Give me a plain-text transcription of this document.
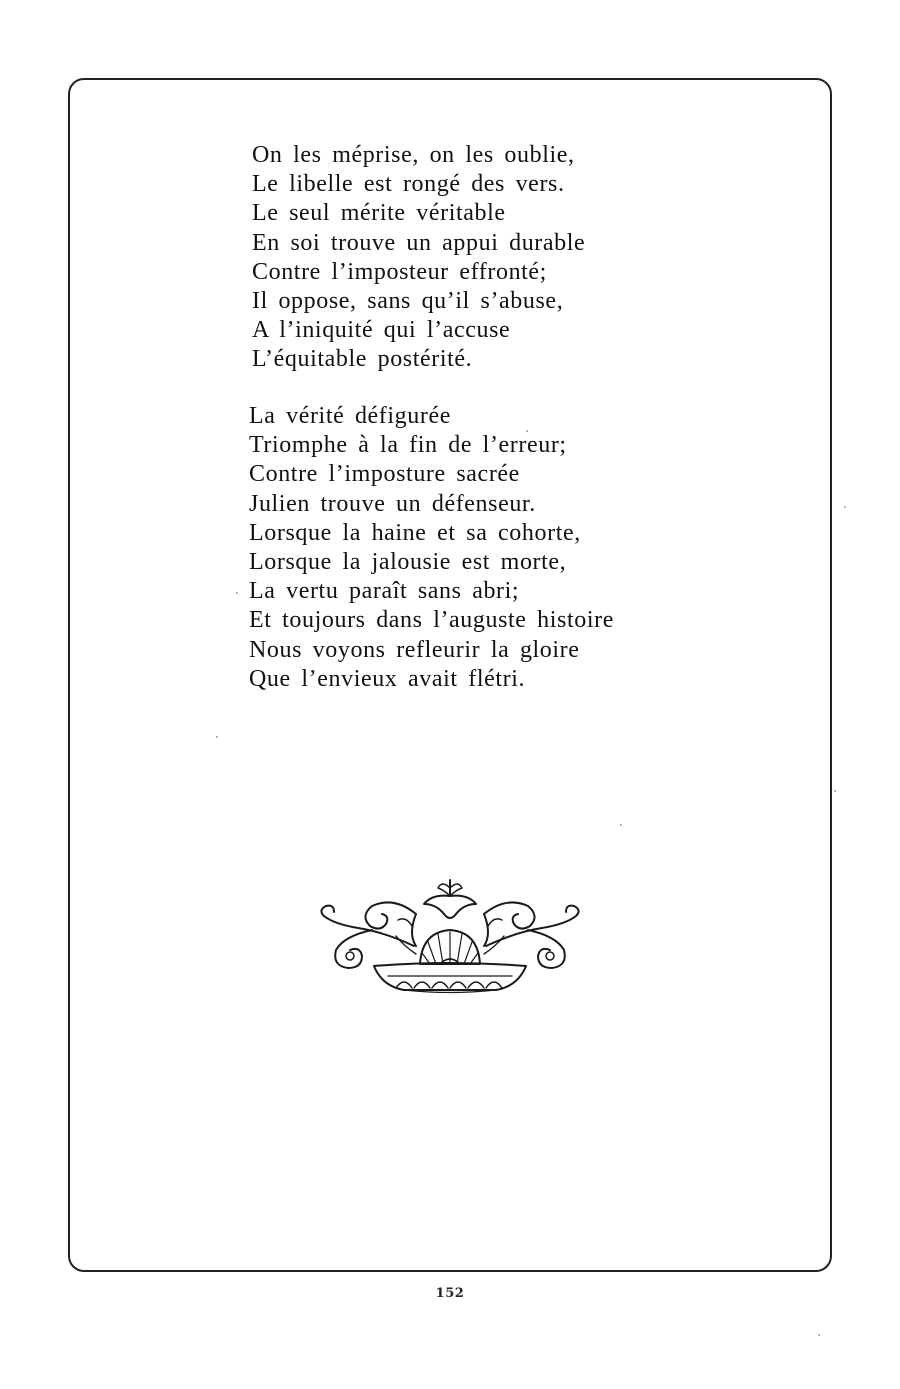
On les méprise, on les oublie,
Le libelle est rongé des vers.
Le seul mérite véritable
En soi trouve un appui durable
Contre l’imposteur effronté;
Il oppose, sans qu’il s’abuse,
A l’iniquité qui l’accuse
L’équitable postérité.
La vérité défigurée
Triomphe à la fin de l’erreur;
Contre l’imposture sacrée
Julien trouve un défenseur.
Lorsque la haine et sa cohorte,
Lorsque la jalousie est morte,
La vertu paraît sans abri;
Et toujours dans l’auguste histoire
Nous voyons refleurir la gloire
Que l’envieux avait flétri.
152
